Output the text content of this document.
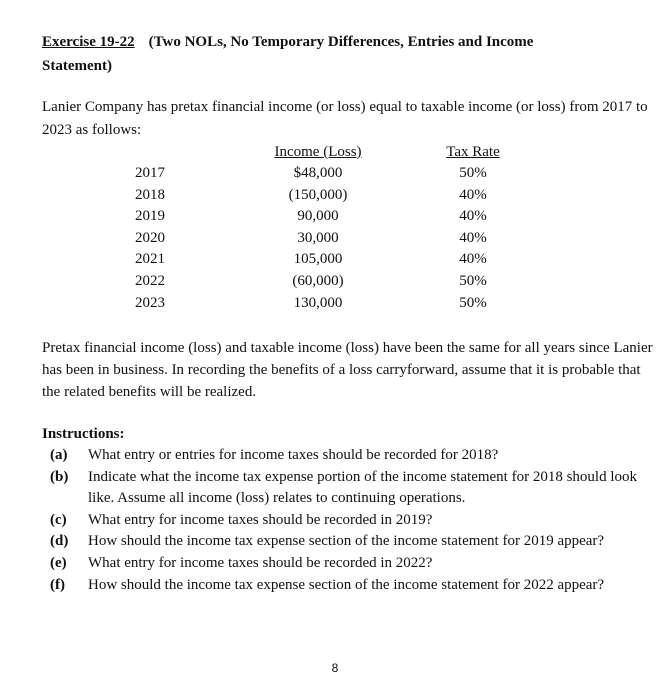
Exercise 19-22 (Two NOLs, No Temporary Differences, Entries and Income
Statement)

Lanier Company has pretax financial income (or loss) equal to taxable income (or loss) from 2017 to 2023 as follows:

	Income (Loss)		Tax Rate
2017	$48,000		50%
2018	(150,000)		40%
2019	90,000		40%
2020	30,000		40%
2021	105,000		40%
2022	(60,000)		50%
2023	130,000		50%

Pretax financial income (loss) and taxable income (loss) have been the same for all years since Lanier has been in business. In recording the benefits of a loss carryforward, assume that it is probable that the related benefits will be realized.

Instructions:

(a)	What entry or entries for income taxes should be recorded for 2018?
(b)	Indicate what the income tax expense portion of the income statement for 2018 should look like. Assume all income (loss) relates to continuing operations.
(c)	What entry for income taxes should be recorded in 2019?
(d)	How should the income tax expense section of the income statement for 2019 appear?
(e)	What entry for income taxes should be recorded in 2022?
(f)	How should the income tax expense section of the income statement for 2022 appear?
8
